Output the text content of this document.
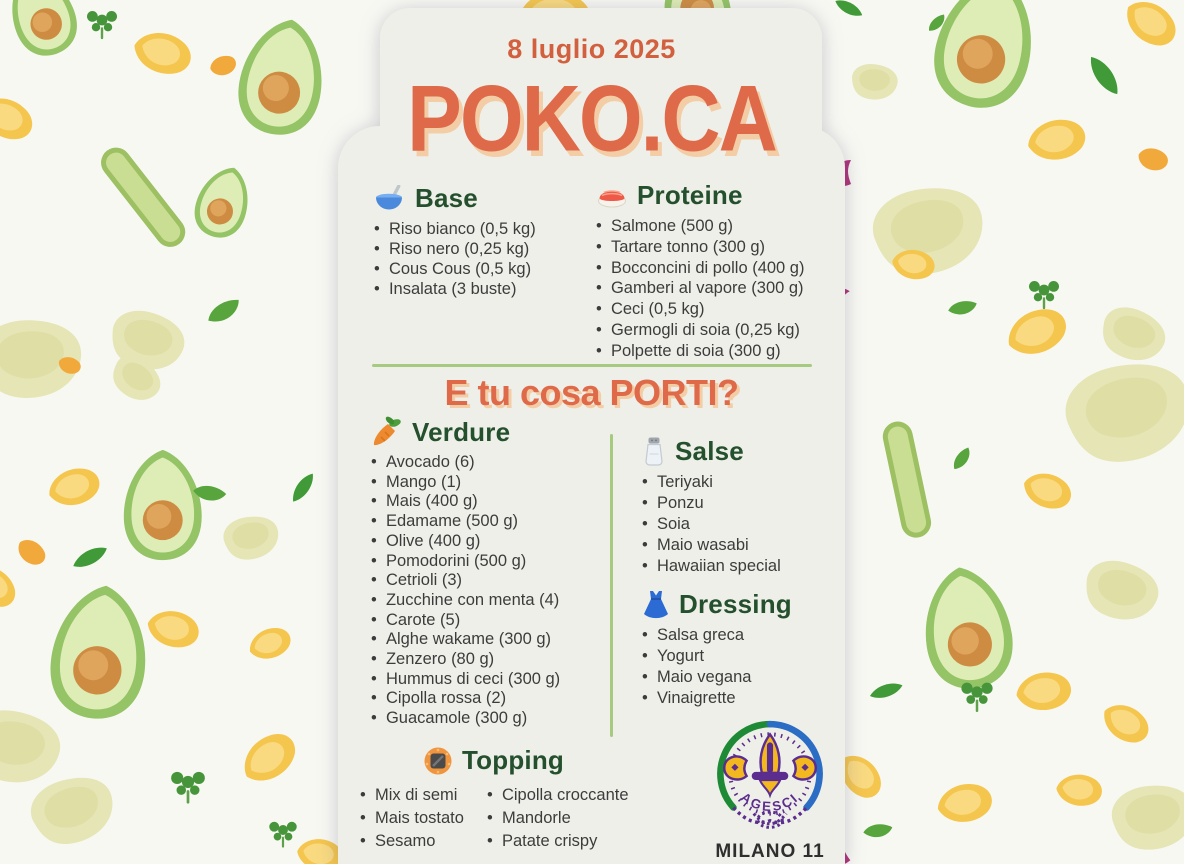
8 luglio 2025
POKO.CA
Base
•  Riso bianco (0,5 kg)
•  Riso nero (0,25 kg)
•  Cous Cous (0,5 kg)
•  Insalata (3 buste)
Proteine
•  Salmone (500 g)
•  Tartare tonno (300 g)
•  Bocconcini di pollo (400 g)
•  Gamberi al vapore (300 g)
•  Ceci (0,5 kg)
•  Germogli di soia (0,25 kg)
•  Polpette di soia (300 g)
E tu cosa PORTI?
Verdure
•  Avocado (6)
•  Mango (1)
•  Mais (400 g)
•  Edamame (500 g)
•  Olive (400 g)
•  Pomodorini (500 g)
•  Cetrioli (3)
•  Zucchine con menta (4)
•  Carote (5)
•  Alghe wakame (300 g)
•  Zenzero (80 g)
•  Hummus di ceci (300 g)
•  Cipolla rossa (2)
•  Guacamole (300 g)
Salse
•  Teriyaki
•  Ponzu
•  Soia
•  Maio wasabi
•  Hawaiian special
Dressing
•  Salsa greca
•  Yogurt
•  Maio vegana
•  Vinaigrette
Topping
•  Mix di semi
•  Mais tostato
•  Sesamo
•  Cipolla croccante
•  Mandorle
•  Patate crispy
AGESCI
MILANO 11
